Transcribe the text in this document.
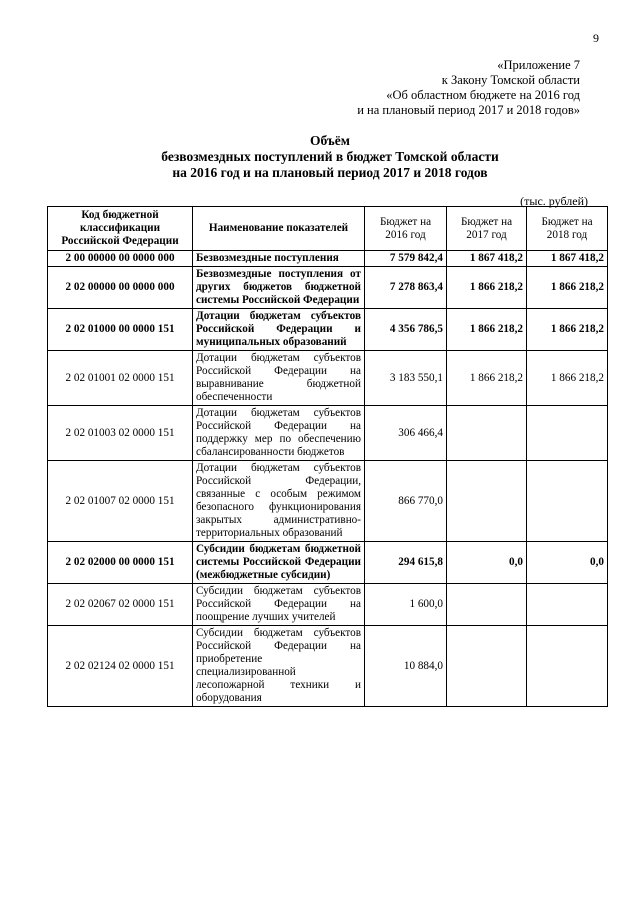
9
«Приложение 7
к Закону Томской области
«Об областном бюджете на 2016 год
и на плановый период 2017 и 2018 годов»
Объём
безвозмездных поступлений в бюджет Томской области
на 2016 год и на плановый период 2017 и 2018 годов
(тыс. рублей)
Код бюджетной классификации Российской Федерации	Наименование показателей	Бюджет на 2016 год	Бюджет на 2017 год	Бюджет на 2018 год
2 00 00000 00 0000 000	Безвозмездные поступления	7 579 842,4	1 867 418,2	1 867 418,2
2 02 00000 00 0000 000	Безвозмездные поступления от других бюджетов бюджетной системы Российской Федерации	7 278 863,4	1 866 218,2	1 866 218,2
2 02 01000 00 0000 151	Дотации бюджетам субъектов Российской Федерации и муниципальных образований	4 356 786,5	1 866 218,2	1 866 218,2
2 02 01001 02 0000 151	Дотации бюджетам субъектов Российской Федерации на выравнивание бюджетной обеспеченности	3 183 550,1	1 866 218,2	1 866 218,2
2 02 01003 02 0000 151	Дотации бюджетам субъектов Российской Федерации на поддержку мер по обеспечению сбалансированности бюджетов	306 466,4		
2 02 01007 02 0000 151	Дотации бюджетам субъектов Российской Федерации, связанные с особым режимом безопасного функционирования закрытых административно-территориальных образований	866 770,0		
2 02 02000 00 0000 151	Субсидии бюджетам бюджетной системы Российской Федерации (межбюджетные субсидии)	294 615,8	0,0	0,0
2 02 02067 02 0000 151	Субсидии бюджетам субъектов Российской Федерации на поощрение лучших учителей	1 600,0		
2 02 02124 02 0000 151	Субсидии бюджетам субъектов Российской Федерации на приобретение специализированной лесопожарной техники и оборудования	10 884,0		
